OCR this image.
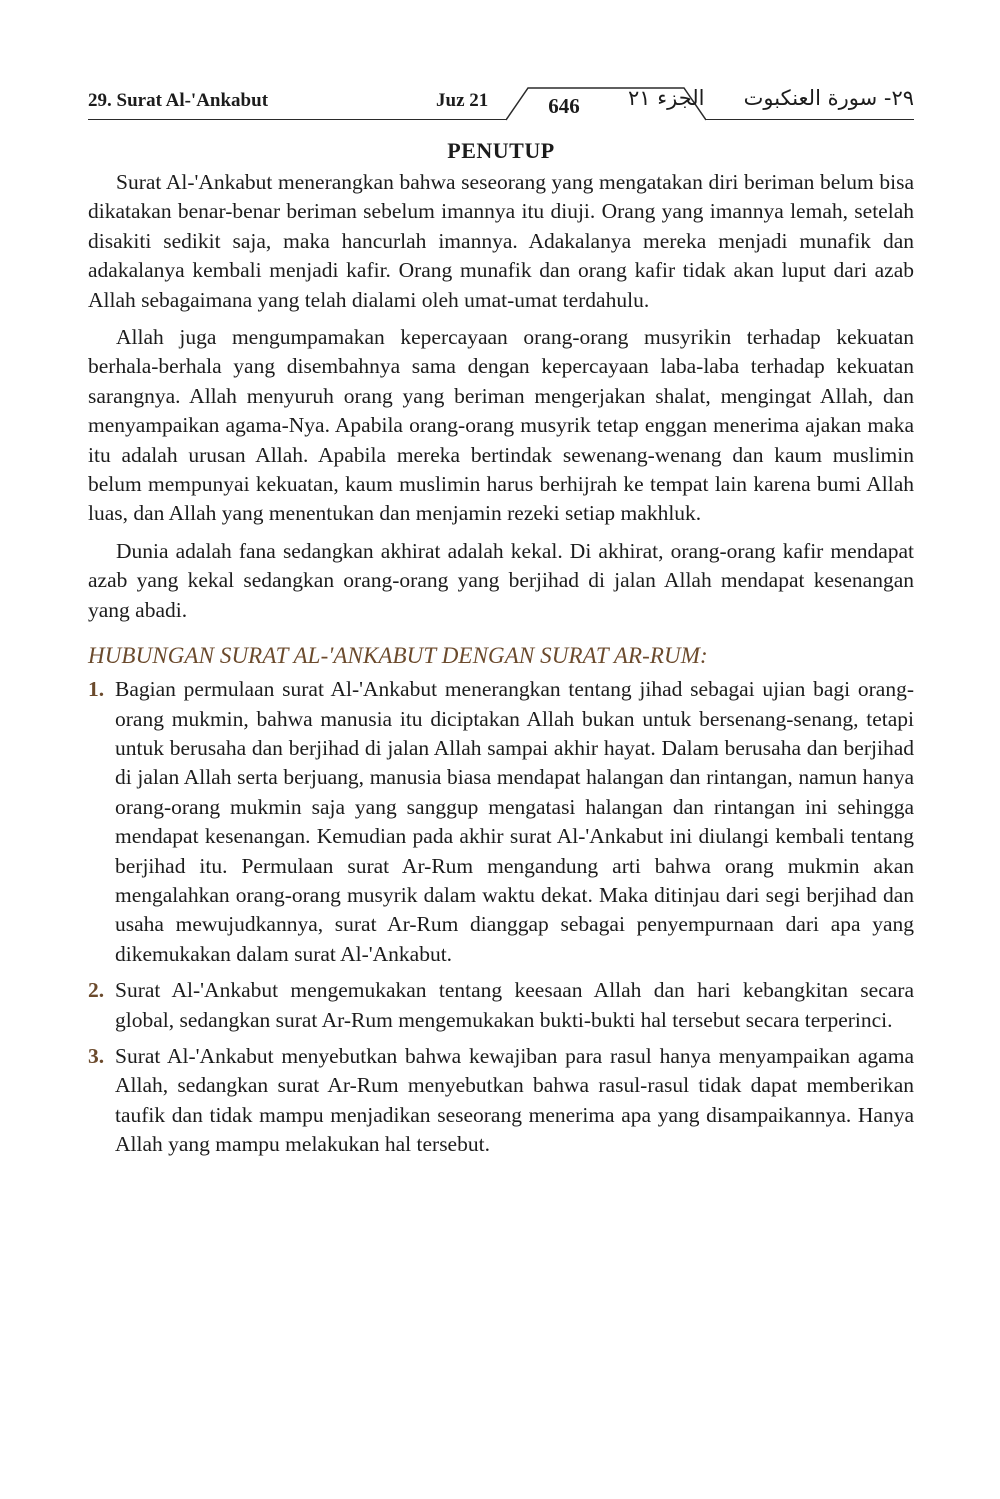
29. Surat Al-'Ankabut	Juz 21	646	الجزء ٢١ ٢٩- سورة العنكبوت
PENUTUP

Surat Al-'Ankabut menerangkan bahwa seseorang yang mengatakan diri beriman belum bisa dikatakan benar-benar beriman sebelum imannya itu diuji. Orang yang imannya lemah, setelah disakiti sedikit saja, maka hancurlah imannya. Adakalanya mereka menjadi munafik dan adakalanya kembali menjadi kafir. Orang munafik dan orang kafir tidak akan luput dari azab Allah sebagaimana yang telah dialami oleh umat-umat terdahulu.

Allah juga mengumpamakan kepercayaan orang-orang musyrikin terhadap kekuatan berhala-berhala yang disembahnya sama dengan kepercayaan laba-laba terhadap kekuatan sarangnya. Allah menyuruh orang yang beriman mengerjakan shalat, mengingat Allah, dan menyampaikan agama-Nya. Apabila orang-orang musyrik tetap enggan menerima ajakan maka itu adalah urusan Allah. Apabila mereka bertindak sewenang-wenang dan kaum muslimin belum mempunyai kekuatan, kaum muslimin harus berhijrah ke tempat lain karena bumi Allah luas, dan Allah yang menentukan dan menjamin rezeki setiap makhluk.

Dunia adalah fana sedangkan akhirat adalah kekal. Di akhirat, orang-orang kafir mendapat azab yang kekal sedangkan orang-orang yang berjihad di jalan Allah mendapat kesenangan yang abadi.

HUBUNGAN SURAT AL-'ANKABUT DENGAN SURAT AR-RUM:
1. Bagian permulaan surat Al-'Ankabut menerangkan tentang jihad sebagai ujian bagi orang-orang mukmin, bahwa manusia itu diciptakan Allah bukan untuk bersenang-senang, tetapi untuk berusaha dan berjihad di jalan Allah sampai akhir hayat. Dalam berusaha dan berjihad di jalan Allah serta berjuang, manusia biasa mendapat halangan dan rintangan, namun hanya orang-orang mukmin saja yang sanggup mengatasi halangan dan rintangan ini sehingga mendapat kesenangan. Kemudian pada akhir surat Al-'Ankabut ini diulangi kembali tentang berjihad itu. Permulaan surat Ar-Rum mengandung arti bahwa orang mukmin akan mengalahkan orang-orang musyrik dalam waktu dekat. Maka ditinjau dari segi berjihad dan usaha mewujudkannya, surat Ar-Rum dianggap sebagai penyempurnaan dari apa yang dikemukakan dalam surat Al-'Ankabut.
2. Surat Al-'Ankabut mengemukakan tentang keesaan Allah dan hari kebangkitan secara global, sedangkan surat Ar-Rum mengemukakan bukti-bukti hal tersebut secara terperinci.
3. Surat Al-'Ankabut menyebutkan bahwa kewajiban para rasul hanya menyampaikan agama Allah, sedangkan surat Ar-Rum menyebutkan bahwa rasul-rasul tidak dapat memberikan taufik dan tidak mampu menjadikan seseorang menerima apa yang disampaikannya. Hanya Allah yang mampu melakukan hal tersebut.
